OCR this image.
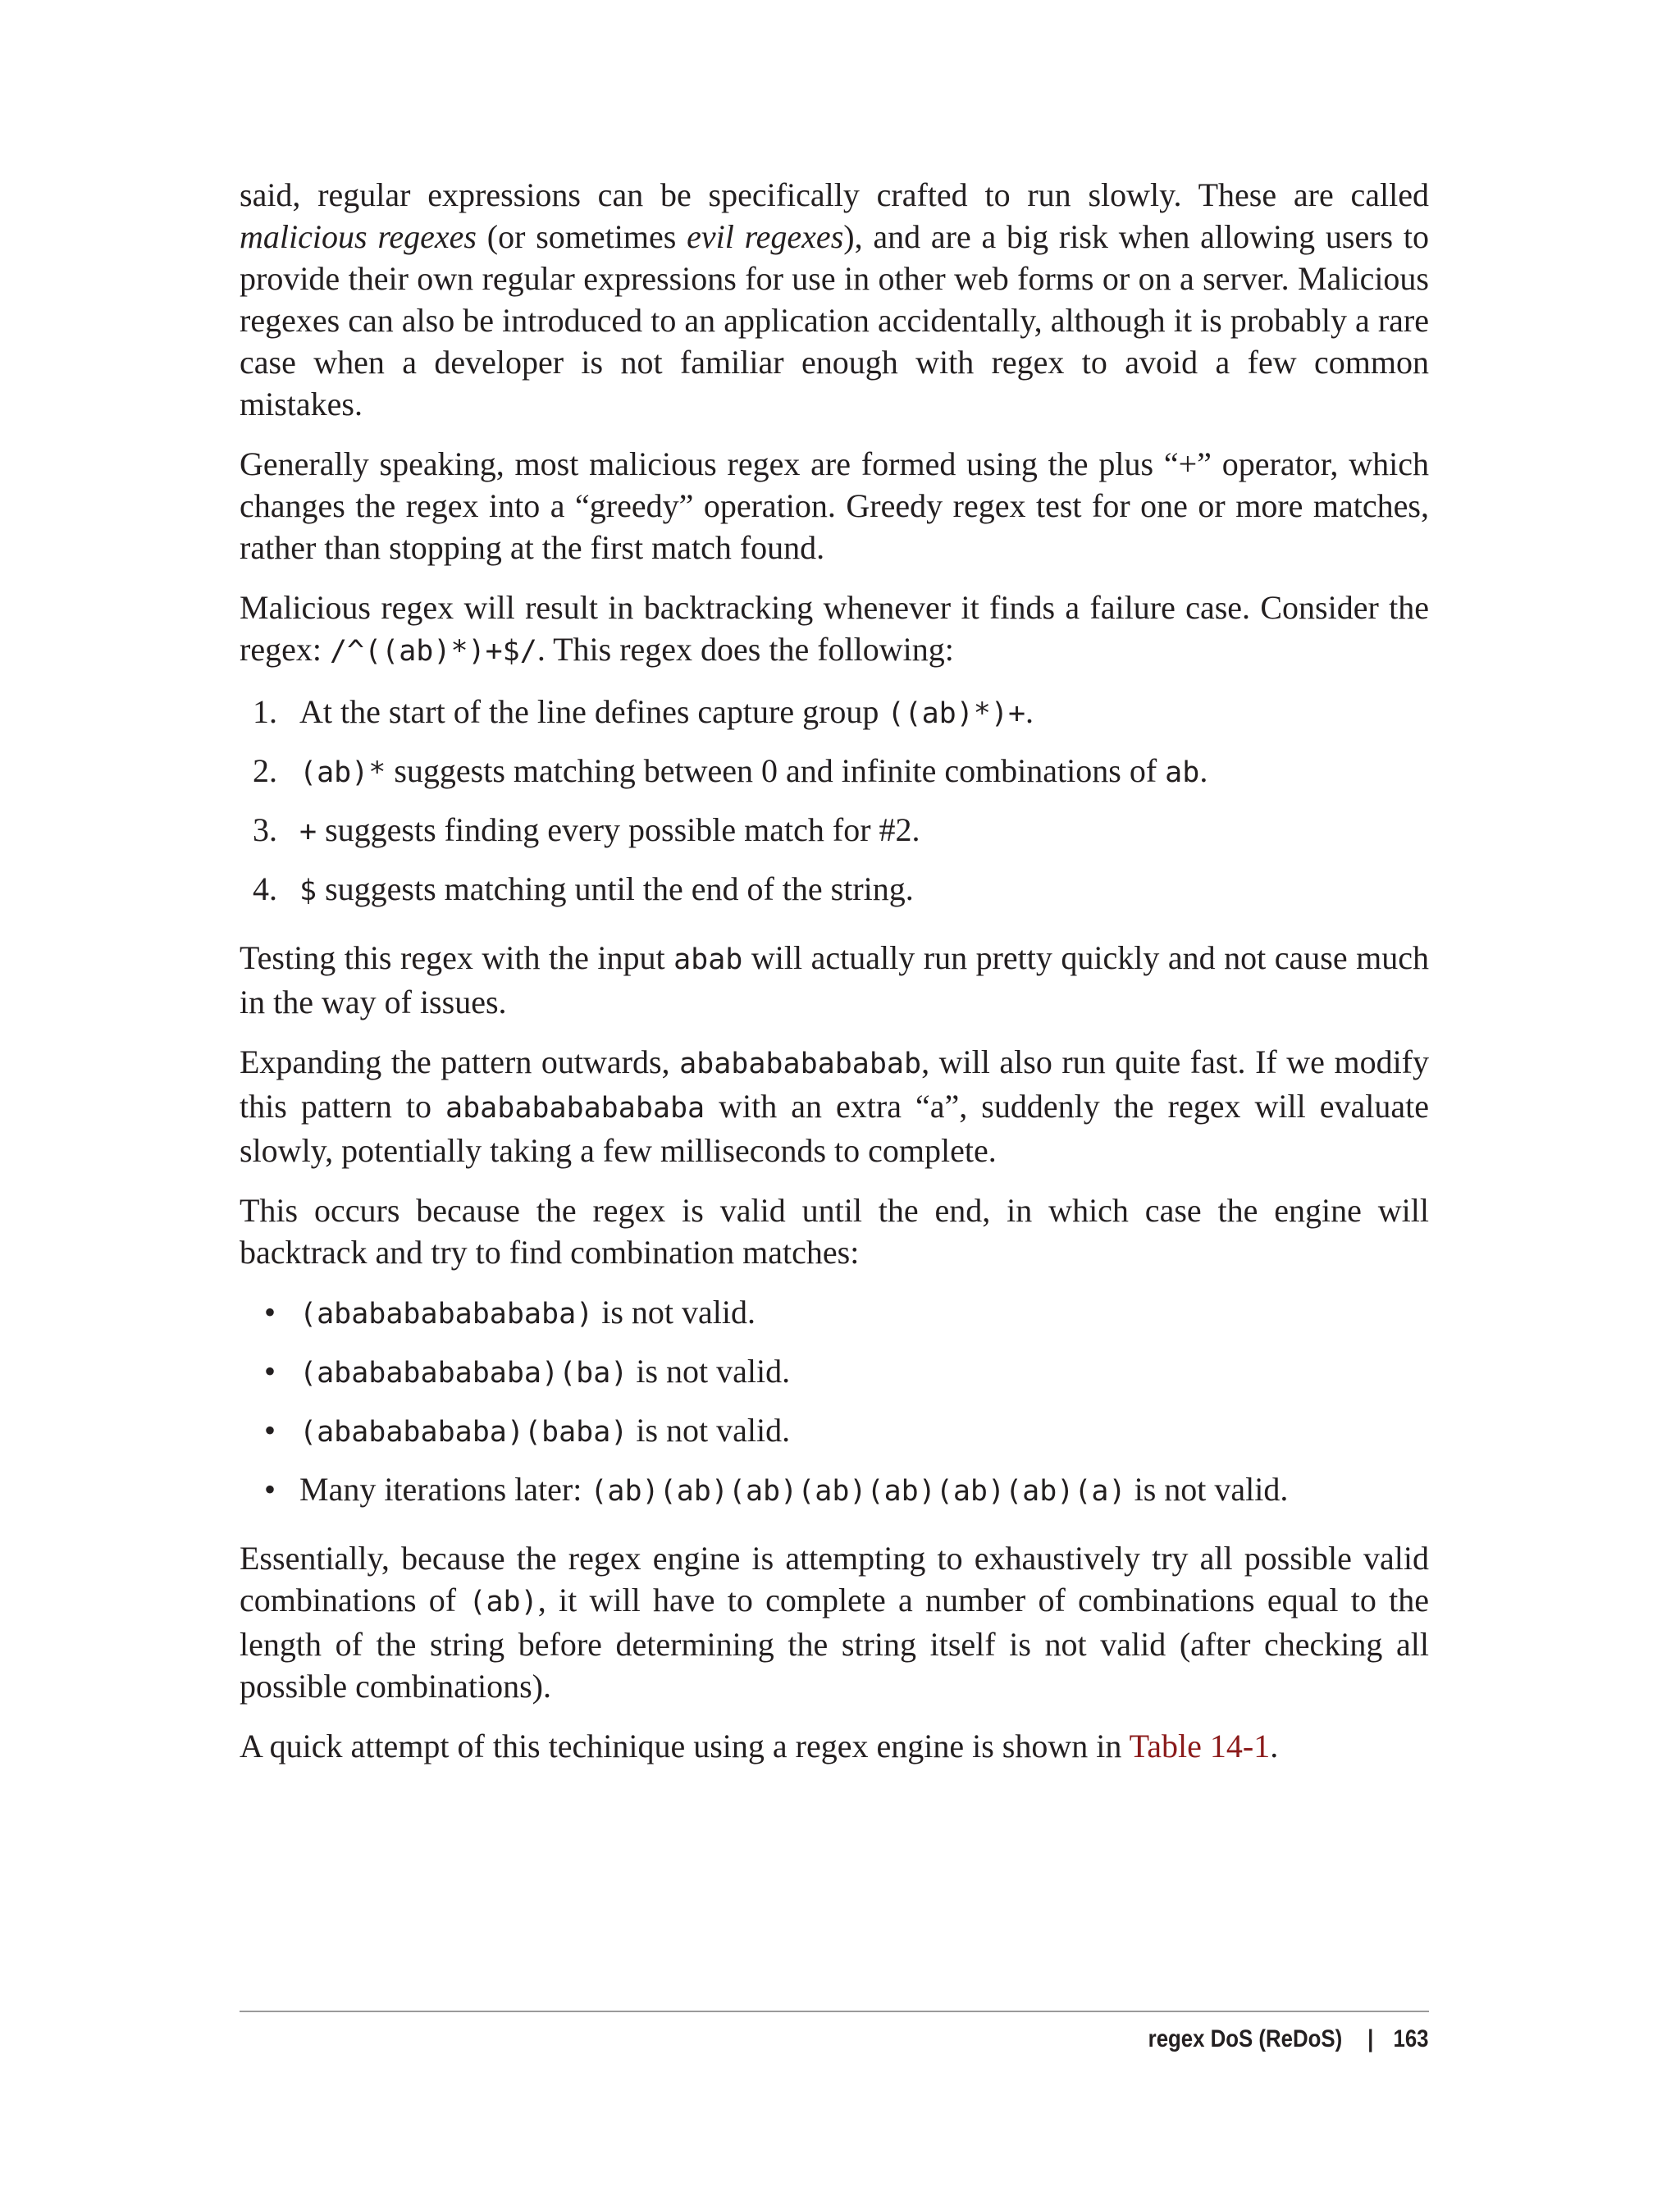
said, regular expressions can be specifically crafted to run slowly. These are called malicious regexes (or sometimes evil regexes), and are a big risk when allowing users to provide their own regular expressions for use in other web forms or on a server. Malicious regexes can also be introduced to an application accidentally, although it is probably a rare case when a developer is not familiar enough with regex to avoid a few common mistakes.

Generally speaking, most malicious regex are formed using the plus “+” operator, which changes the regex into a “greedy” operation. Greedy regex test for one or more matches, rather than stopping at the first match found.

Malicious regex will result in backtracking whenever it finds a failure case. Consider the regex: /^((ab)*)+$/. This regex does the following:

1. At the start of the line defines capture group ((ab)*)+.
2. (ab)* suggests matching between 0 and infinite combinations of ab.
3. + suggests finding every possible match for #2.
4. $ suggests matching until the end of the string.

Testing this regex with the input abab will actually run pretty quickly and not cause much in the way of issues.

Expanding the pattern outwards, ababababababab, will also run quite fast. If we modify this pattern to abababababababa with an extra “a”, suddenly the regex will evaluate slowly, potentially taking a few milliseconds to complete.

This occurs because the regex is valid until the end, in which case the engine will backtrack and try to find combination matches:

• (abababababababa) is not valid.
• (ababababababa)(ba) is not valid.
• (abababababa)(baba) is not valid.
• Many iterations later: (ab)(ab)(ab)(ab)(ab)(ab)(ab)(a) is not valid.

Essentially, because the regex engine is attempting to exhaustively try all possible valid combinations of (ab), it will have to complete a number of combinations equal to the length of the string before determining the string itself is not valid (after checking all possible combinations).

A quick attempt of this techinique using a regex engine is shown in Table 14-1.

regex DoS (ReDoS) | 163
